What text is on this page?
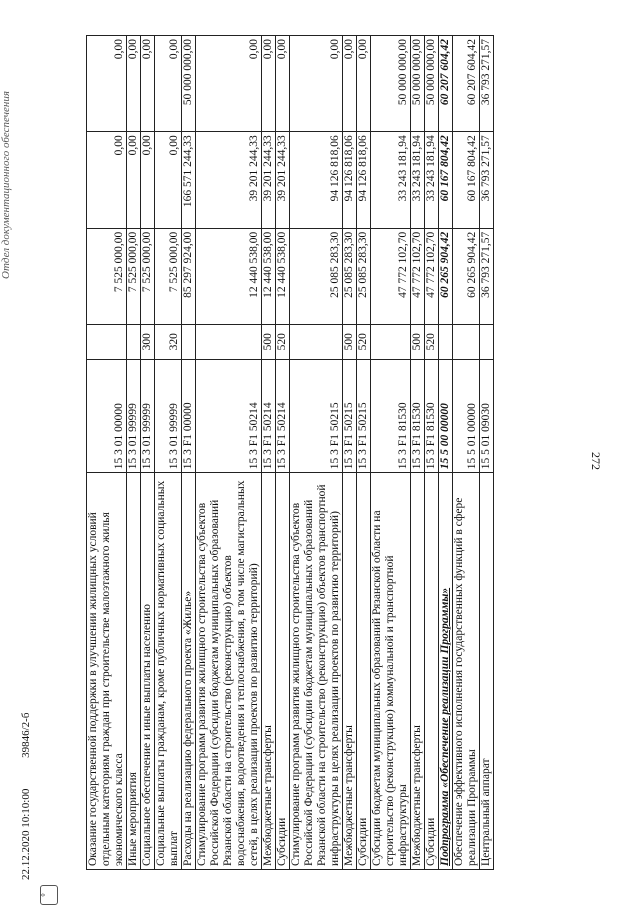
272
Оказание государственной поддержки в улучшении жилищных условий отдельным категориям граждан при строительстве малоэтажного жилья экономического класса	15 3 01 00000		7 525 000,00	0,00	0,00
Иные мероприятия	15 3 01 99999		7 525 000,00	0,00	0,00
Социальное обеспечение и иные выплаты населению	15 3 01 99999	300	7 525 000,00	0,00	0,00
Социальные выплаты гражданам, кроме публичных нормативных социальных выплат	15 3 01 99999	320	7 525 000,00	0,00	0,00
Расходы на реализацию федерального проекта «Жилье»	15 3 F1 00000		85 297 924,00	166 571 244,33	50 000 000,00
Стимулирование программ развития жилищного строительства субъектов Российской Федерации (субсидии бюджетам муниципальных образований Рязанской области на строительство (реконструкцию) объектов водоснабжения, водоотведения и теплоснабжения, в том числе магистральных сетей, в целях реализации проектов по развитию территорий)	15 3 F1 50214		12 440 538,00	39 201 244,33	0,00
Межбюджетные трансферты	15 3 F1 50214	500	12 440 538,00	39 201 244,33	0,00
Субсидии	15 3 F1 50214	520	12 440 538,00	39 201 244,33	0,00
Стимулирование программ развития жилищного строительства субъектов Российской Федерации (субсидии бюджетам муниципальных образований Рязанской области на строительство (реконструкцию) объектов транспортной инфраструктуры в целях реализации проектов по развитию территорий)	15 3 F1 50215		25 085 283,30	94 126 818,06	0,00
Межбюджетные трансферты	15 3 F1 50215	500	25 085 283,30	94 126 818,06	0,00
Субсидии	15 3 F1 50215	520	25 085 283,30	94 126 818,06	0,00
Субсидии бюджетам муниципальных образований Рязанской области на строительство (реконструкцию) коммунальной и транспортной инфраструктуры	15 3 F1 81530		47 772 102,70	33 243 181,94	50 000 000,00
Межбюджетные трансферты	15 3 F1 81530	500	47 772 102,70	33 243 181,94	50 000 000,00
Субсидии	15 3 F1 81530	520	47 772 102,70	33 243 181,94	50 000 000,00
Подпрограмма «Обеспечение реализации Программы»	15 5 00 00000		60 265 904,42	60 167 804,42	60 207 604,42
Обеспечение эффективного исполнения государственных функций в сфере реализации Программы	15 5 01 00000		60 265 904,42	60 167 804,42	60 207 604,42
Центральный аппарат	15 5 01 09030		36 793 271,57	36 793 271,57	36 793 271,57
◊
22.12.2020 10:10:00 39846/2-б
Отдел документационного обеспечения
